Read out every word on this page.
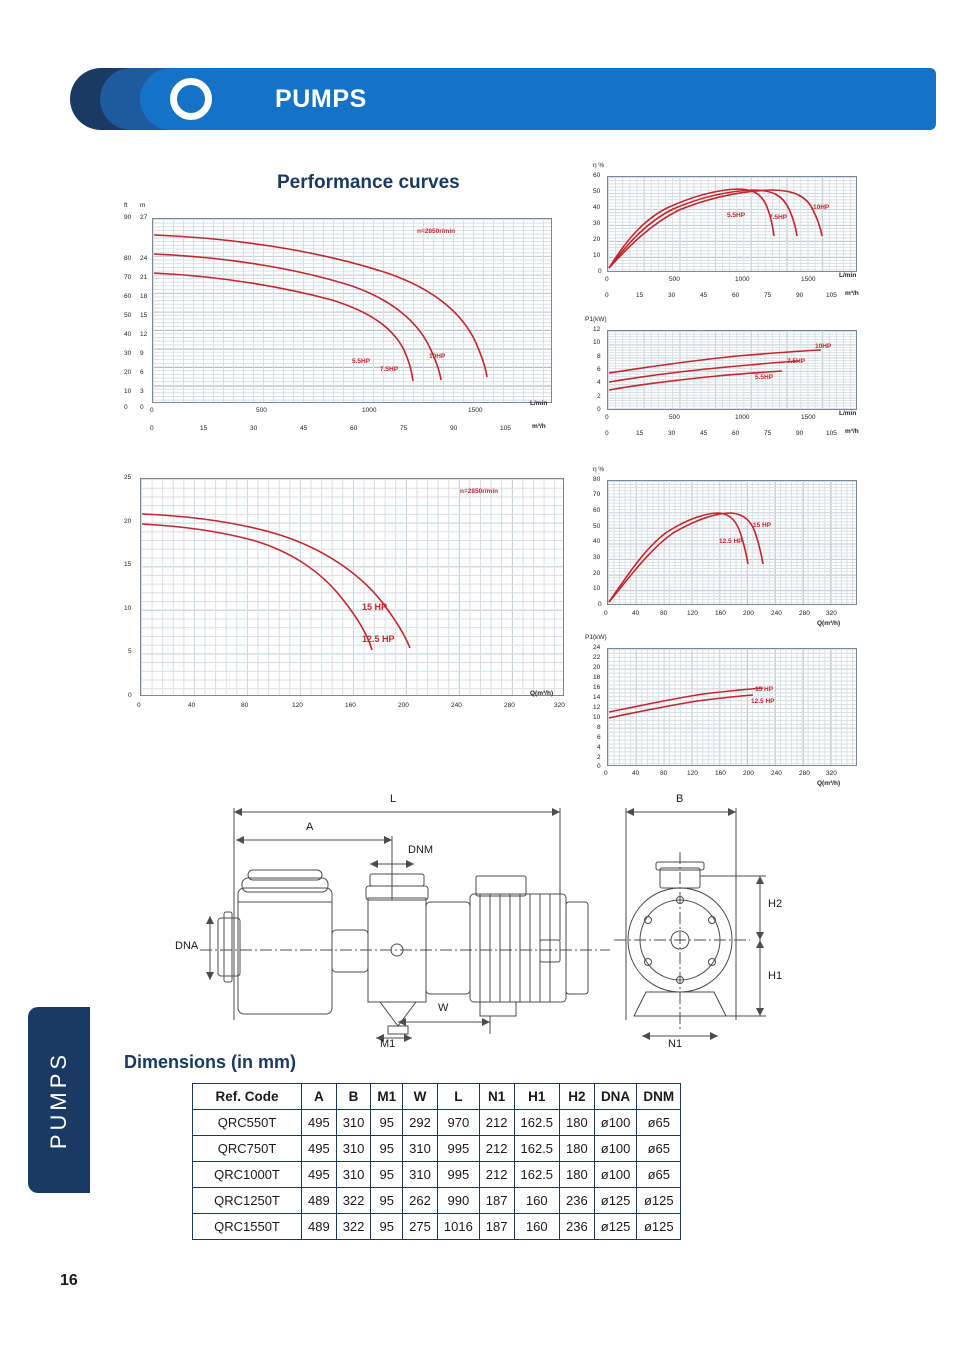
PUMPS
PUMPS
16
Performance curves
Dimensions (in mm)
5.5HP
7.5HP
10HP
n=2850r/min
ft m
90
80
70
60
50
40
30
20
10
0
27
24
21
18
15
12
9
6
3
0 0	500	1000	1500
L/min
0	15	30	45	60	75	90	105	m³/h
5.5HP	7.5HP
10HP
η %
60
50
40
30
20
10
0
0	500	1000	1500
L/min
0	15	30	45	60	75	90	105 m³/h
5.5HP
7.5HP
10HP
P1(kW)
12
10
8
6
4
2
0
0	500	1000	1500
L/min
0	15	30	45	60	75	90	105 m³/h
15 HP
12.5 HP
n=2850r/min
25
20
15
10
5
0
0	40	80	120	160	200	240	280	320
Q(m³/h)
15 HP
12.5 HP
η %
80
70
60
50
40
30
20
10
0
0	40	80	120	160	200	240	280 320
Q(m³/h)
15 HP
12.5 HP
P1(kW)
24
22
20
18
16
14
12
10
8
6
4
2
0
0	40	80	120	160	200	240	280 320
Q(m³/h)
L
A
DNM
DNA
M1
W
B
H2
H1
N1
Ref. Code	A	B	M1	W	L	N1	H1	H2	DNA	DNM
QRC550T	495	310	95	292	970	212	162.5	180	ø100	ø65
QRC750T	495	310	95	310	995	212	162.5	180	ø100	ø65
QRC1000T	495	310	95	310	995	212	162.5	180	ø100	ø65
QRC1250T	489	322	95	262	990	187	160	236	ø125	ø125
QRC1550T	489	322	95	275	1016	187	160	236	ø125	ø125
